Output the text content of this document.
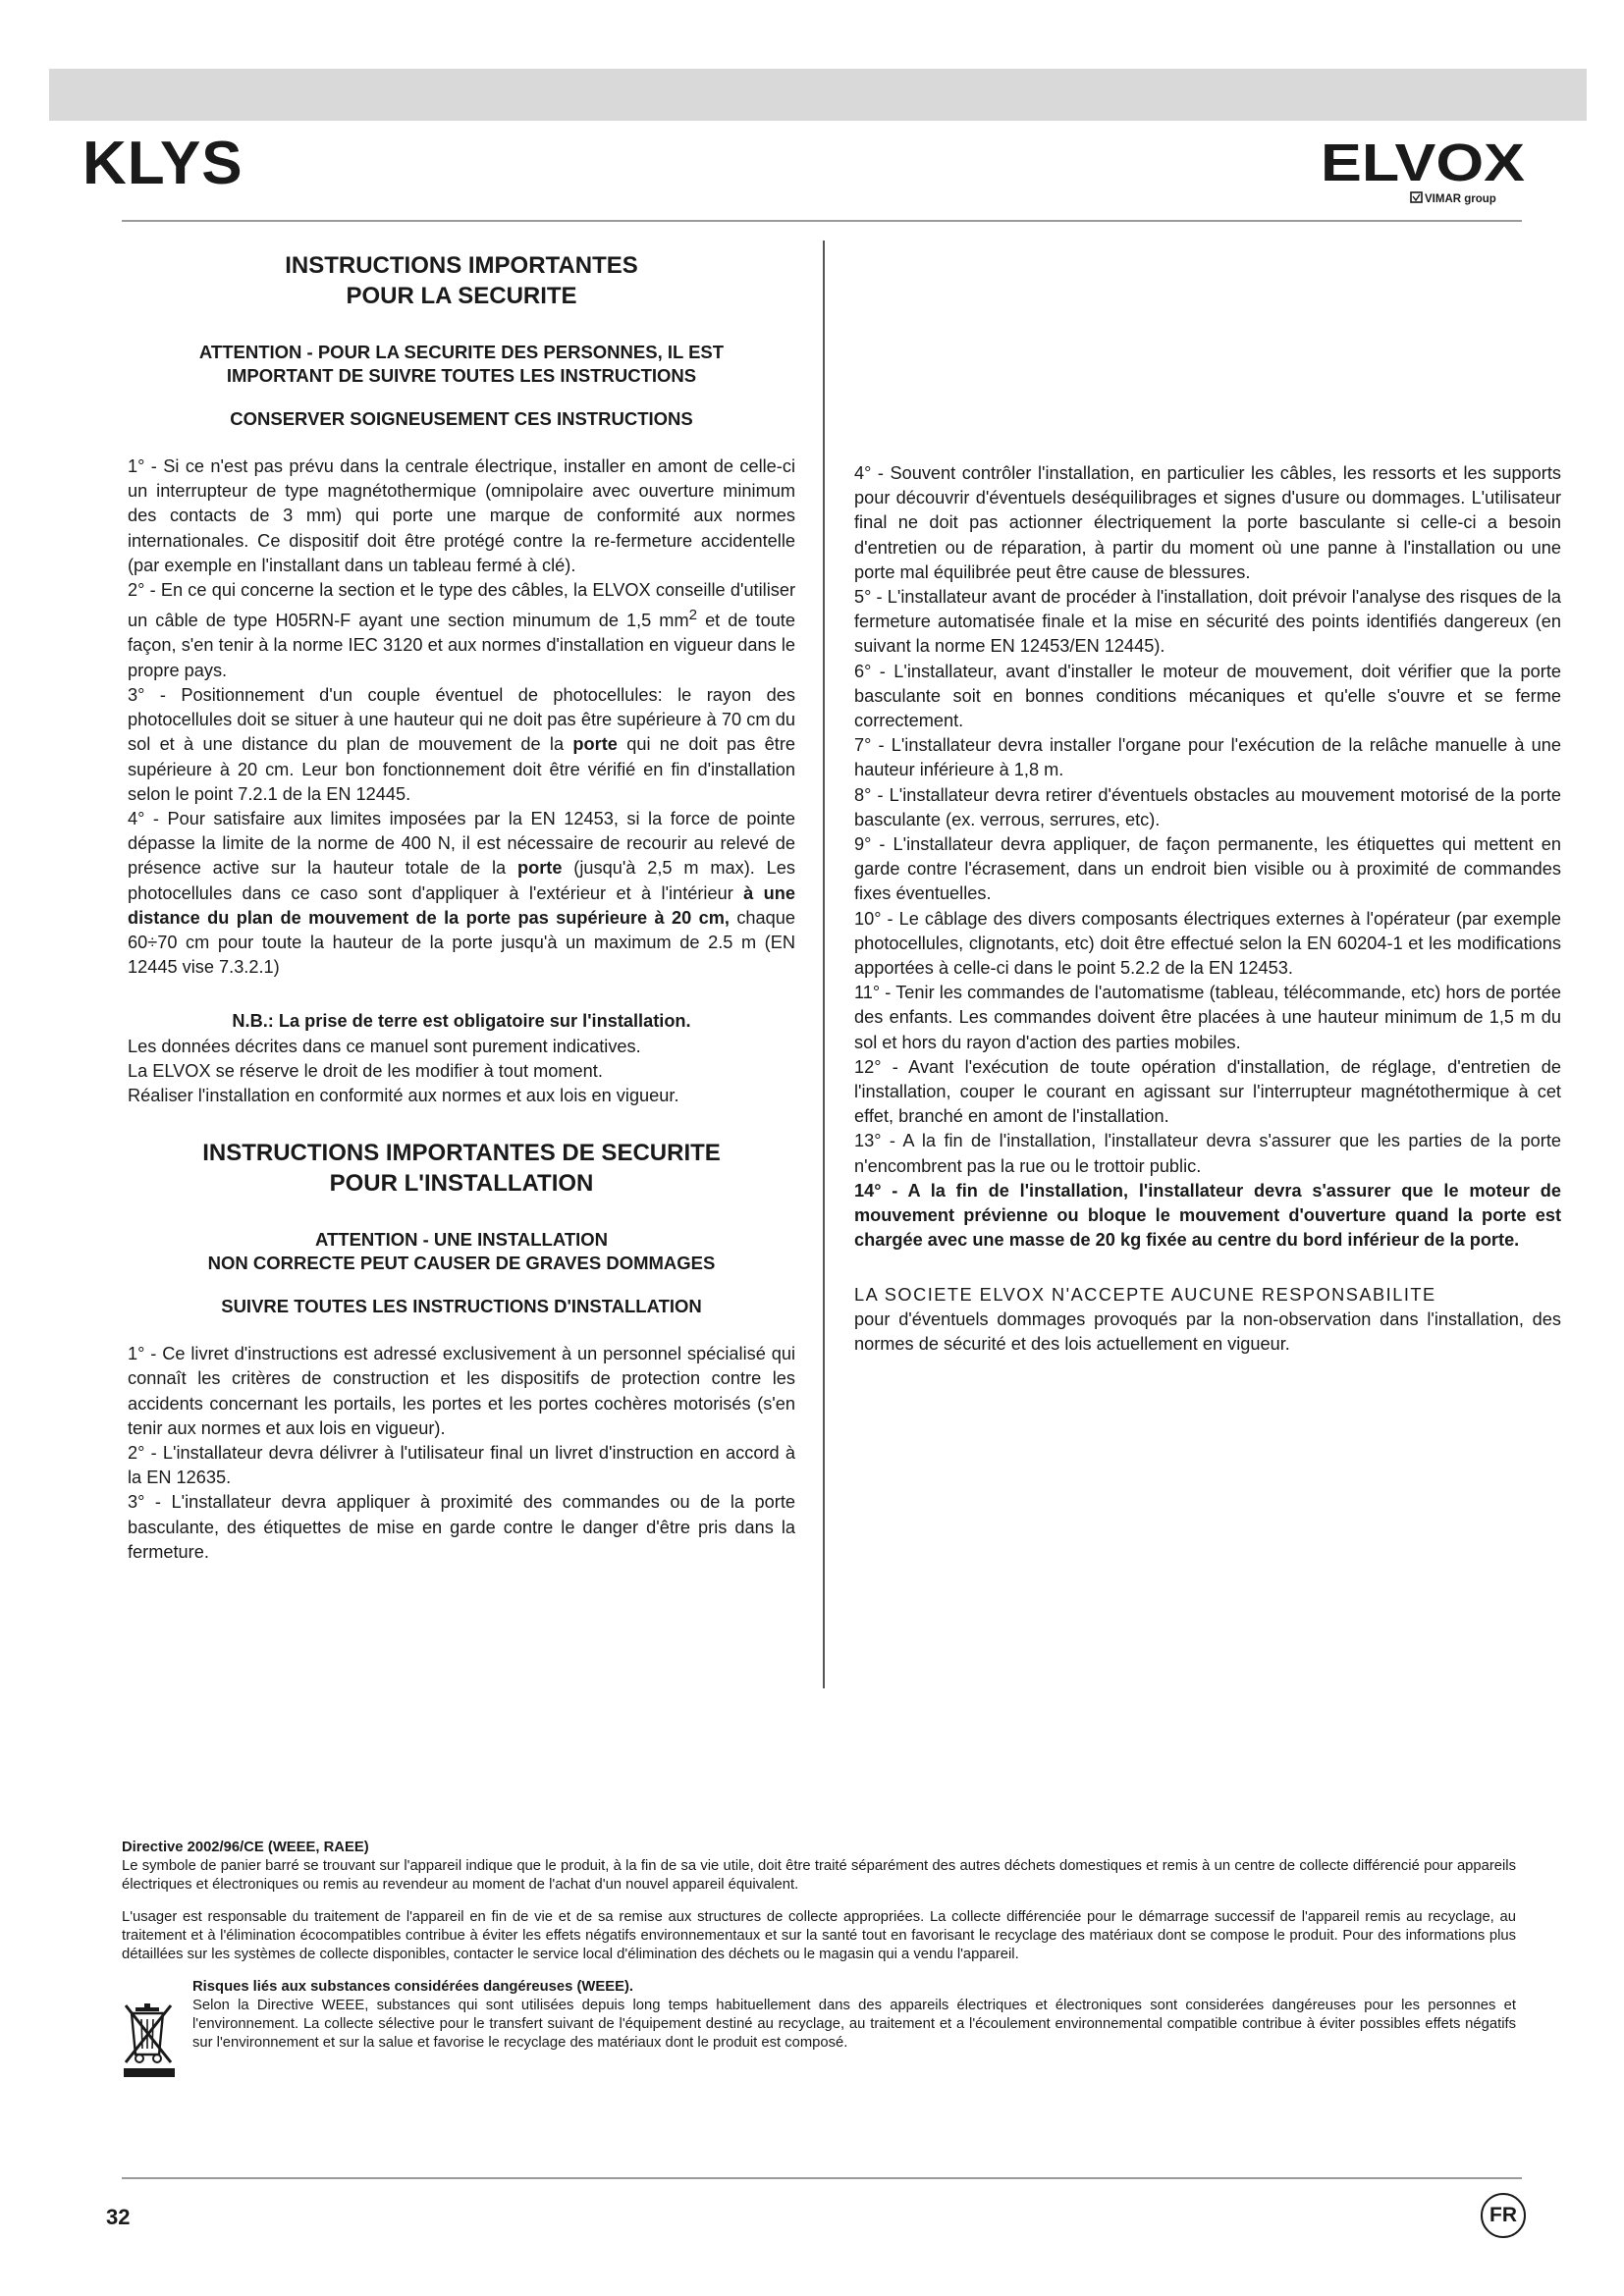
KLYS	ELVOX
VIMAR group

INSTRUCTIONS IMPORTANTES
POUR LA SECURITE

ATTENTION - POUR LA SECURITE DES PERSONNES, IL EST
IMPORTANT DE SUIVRE TOUTES LES INSTRUCTIONS

CONSERVER SOIGNEUSEMENT CES INSTRUCTIONS

1° - Si ce n'est pas prévu dans la centrale électrique, installer en amont de celle-ci un interrupteur de type magnétothermique (omnipolaire avec ouverture minimum des contacts de 3 mm) qui porte une marque de conformité aux normes internationales. Ce dispositif doit être protégé contre la re-fermeture accidentelle (par exemple en l'installant dans un tableau fermé à clé).

2° - En ce qui concerne la section et le type des câbles, la ELVOX conseille d'utiliser un câble de type H05RN-F ayant une section minumum de 1,5 $mm^2$ et de toute façon, s'en tenir à la norme IEC 3120 et aux normes d'installation en vigueur dans le propre pays.

3° - Positionnement d'un couple éventuel de photocellules: le rayon des photocellules doit se situer à une hauteur qui ne doit pas être supérieure à 70 cm du sol et à une distance du plan de mouvement de la porte qui ne doit pas être supérieure à 20 cm. Leur bon fonctionnement doit être vérifié en fin d'installation selon le point 7.2.1 de la EN 12445.

4° - Pour satisfaire aux limites imposées par la EN 12453, si la force de pointe dépasse la limite de la norme de 400 N, il est nécessaire de recourir au relevé de présence active sur la hauteur totale de la porte (jusqu'à 2,5 m max). Les photocellules dans ce caso sont d'appliquer à l'extérieur et à l'intérieur à une distance du plan de mouvement de la porte pas supérieure à 20 cm, chaque 60÷70 cm pour toute la hauteur de la porte jusqu'à un maximum de 2.5 m (EN 12445 vise 7.3.2.1)

N.B.: La prise de terre est obligatoire sur l'installation.

Les données décrites dans ce manuel sont purement indicatives.

La ELVOX se réserve le droit de les modifier à tout moment.

Réaliser l'installation en conformité aux normes et aux lois en vigueur.

INSTRUCTIONS IMPORTANTES DE SECURITE
POUR L'INSTALLATION

ATTENTION - UNE INSTALLATION
NON CORRECTE PEUT CAUSER DE GRAVES DOMMAGES

SUIVRE TOUTES LES INSTRUCTIONS D'INSTALLATION

1° - Ce livret d'instructions est adressé exclusivement à un personnel spécialisé qui connaît les critères de construction et les dispositifs de protection contre les accidents concernant les portails, les portes et les portes cochères motorisés (s'en tenir aux normes et aux lois en vigueur).

2° - L'installateur devra délivrer à l'utilisateur final un livret d'instruction en accord à la EN 12635.

3° - L'installateur devra appliquer à proximité des commandes ou de la porte basculante, des étiquettes de mise en garde contre le danger d'être pris dans la fermeture.

4° - Souvent contrôler l'installation, en particulier les câbles, les ressorts et les supports pour découvrir d'éventuels deséquilibrages et signes d'usure ou dommages. L'utilisateur final ne doit pas actionner électriquement la porte basculante si celle-ci a besoin d'entretien ou de réparation, à partir du moment où une panne à l'installation ou une porte mal équilibrée peut être cause de blessures.

5° - L'installateur avant de procéder à l'installation, doit prévoir l'analyse des risques de la fermeture automatisée finale et la mise en sécurité des points identifiés dangereux (en suivant la norme EN 12453/EN 12445).

6° - L'installateur, avant d'installer le moteur de mouvement, doit vérifier que la porte basculante soit en bonnes conditions mécaniques et qu'elle s'ouvre et se ferme correctement.

7° - L'installateur devra installer l'organe pour l'exécution de la relâche manuelle à une hauteur inférieure à 1,8 m.

8° - L'installateur devra retirer d'éventuels obstacles au mouvement motorisé de la porte basculante (ex. verrous, serrures, etc).

9° - L'installateur devra appliquer, de façon permanente, les étiquettes qui mettent en garde contre l'écrasement, dans un endroit bien visible ou à proximité de commandes fixes éventuelles.

10° - Le câblage des divers composants électriques externes à l'opérateur (par exemple photocellules, clignotants, etc) doit être effectué selon la EN 60204-1 et les modifications apportées à celle-ci dans le point 5.2.2 de la EN 12453.

11° - Tenir les commandes de l'automatisme (tableau, télécommande, etc) hors de portée des enfants. Les commandes doivent être placées à une hauteur minimum de 1,5 m du sol et hors du rayon d'action des parties mobiles.

12° - Avant l'exécution de toute opération d'installation, de réglage, d'entretien de l'installation, couper le courant en agissant sur l'interrupteur magnétothermique à cet effet, branché en amont de l'installation.

13° - A la fin de l'installation, l'installateur devra s'assurer que les parties de la porte n'encombrent pas la rue ou le trottoir public.

14° - A la fin de l'installation, l'installateur devra s'assurer que le moteur de mouvement prévienne ou bloque le mouvement d'ouverture quand la porte est chargée avec une masse de 20 kg fixée au centre du bord inférieur de la porte.

LA SOCIETE ELVOX N'ACCEPTE AUCUNE RESPONSABILITE
pour d'éventuels dommages provoqués par la non-observation dans l'installation, des normes de sécurité et des lois actuellement en vigueur.

Directive 2002/96/CE (WEEE, RAEE)

Le symbole de panier barré se trouvant sur l'appareil indique que le produit, à la fin de sa vie utile, doit être traité séparément des autres déchets domestiques et remis à un centre de collecte différencié pour appareils électriques et électroniques ou remis au revendeur au moment de l'achat d'un nouvel appareil équivalent.

L'usager est responsable du traitement de l'appareil en fin de vie et de sa remise aux structures de collecte appropriées. La collecte différenciée pour le démarrage successif de l'appareil remis au recyclage, au traitement et à l'élimination écocompatibles contribue à éviter les effets négatifs environnementaux et sur la santé tout en favorisant le recyclage des matériaux dont se compose le produit. Pour des informations plus détaillées sur les systèmes de collecte disponibles, contacter le service local d'élimination des déchets ou le magasin qui a vendu l'appareil.

Risques liés aux substances considérées dangéreuses (WEEE).

Selon la Directive WEEE, substances qui sont utilisées depuis long temps habituellement dans des appareils électriques et électroniques sont considerées dangéreuses pour les personnes et l'environnement. La collecte sélective pour le transfert suivant de l'équipement destiné au recyclage, au traitement et a l'écoulement environnemental compatible contribue à éviter possibles effets négatifs sur l'environnement et sur la salue et favorise le recyclage des matériaux dont le produit est composé.

32	FR
